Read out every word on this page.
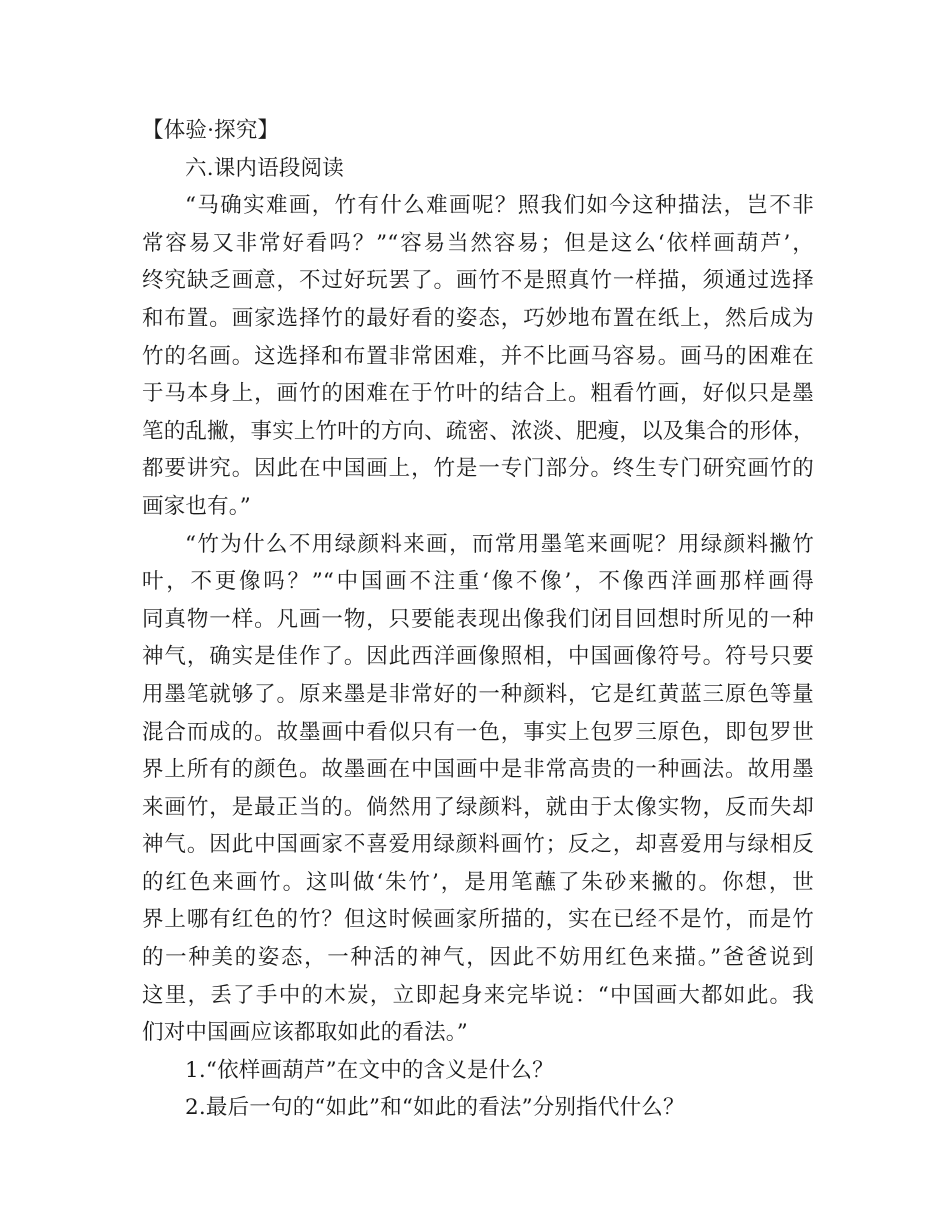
【体验·探究】
六.课内语段阅读
“马确实难画，竹有什么难画呢？照我们如今这种描法，岂不非
常容易又非常好看吗？”“容易当然容易；但是这么‘依样画葫芦’，
终究缺乏画意，不过好玩罢了。画竹不是照真竹一样描，须通过选择
和布置。画家选择竹的最好看的姿态，巧妙地布置在纸上，然后成为
竹的名画。这选择和布置非常困难，并不比画马容易。画马的困难在
于马本身上，画竹的困难在于竹叶的结合上。粗看竹画，好似只是墨
笔的乱撇，事实上竹叶的方向、疏密、浓淡、肥瘦，以及集合的形体，
都要讲究。因此在中国画上，竹是一专门部分。终生专门研究画竹的
画家也有。”
“竹为什么不用绿颜料来画，而常用墨笔来画呢？用绿颜料撇竹
叶，不更像吗？”“中国画不注重‘像不像’，不像西洋画那样画得
同真物一样。凡画一物，只要能表现出像我们闭目回想时所见的一种
神气，确实是佳作了。因此西洋画像照相，中国画像符号。符号只要
用墨笔就够了。原来墨是非常好的一种颜料，它是红黄蓝三原色等量
混合而成的。故墨画中看似只有一色，事实上包罗三原色，即包罗世
界上所有的颜色。故墨画在中国画中是非常高贵的一种画法。故用墨
来画竹，是最正当的。倘然用了绿颜料，就由于太像实物，反而失却
神气。因此中国画家不喜爱用绿颜料画竹；反之，却喜爱用与绿相反
的红色来画竹。这叫做‘朱竹’，是用笔蘸了朱砂来撇的。你想，世
界上哪有红色的竹？但这时候画家所描的，实在已经不是竹，而是竹
的一种美的姿态，一种活的神气，因此不妨用红色来描。”爸爸说到
这里，丢了手中的木炭，立即起身来完毕说：“中国画大都如此。我
们对中国画应该都取如此的看法。”
1.“依样画葫芦”在文中的含义是什么？
2.最后一句的“如此”和“如此的看法”分别指代什么？
